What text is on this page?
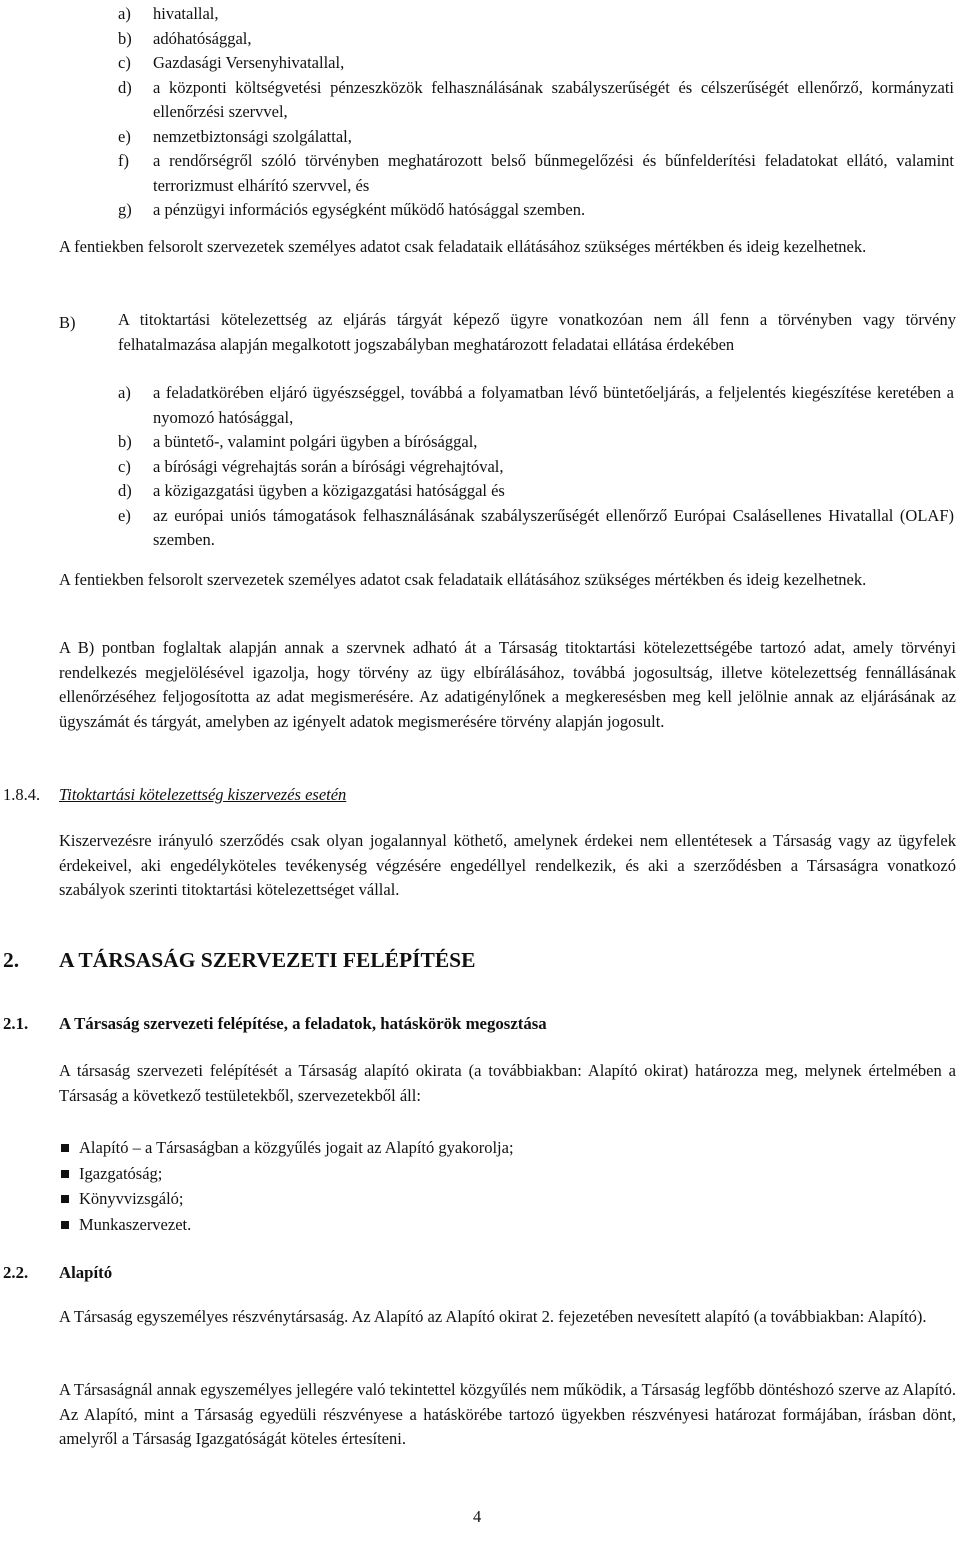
a) hivatallal,
b) adóhatósággal,
c) Gazdasági Versenyhivatallal,
d) a központi költségvetési pénzeszközök felhasználásának szabályszerűségét és célszerűségét ellenőrző, kormányzati ellenőrzési szervvel,
e) nemzetbiztonsági szolgálattal,
f) a rendőrségről szóló törvényben meghatározott belső bűnmegelőzési és bűnfelderítési feladatokat ellátó, valamint terrorizmust elhárító szervvel, és
g) a pénzügyi információs egységként működő hatósággal szemben.

A fentiekben felsorolt szervezetek személyes adatot csak feladataik ellátásához szükséges mértékben és ideig kezelhetnek.

B)	A titoktartási kötelezettség az eljárás tárgyát képező ügyre vonatkozóan nem áll fenn a törvényben vagy törvény felhatalmazása alapján megalkotott jogszabályban meghatározott feladatai ellátása érdekében

a) a feladatkörében eljáró ügyészséggel, továbbá a folyamatban lévő büntetőeljárás, a feljelentés kiegészítése keretében a nyomozó hatósággal,
b) a büntető-, valamint polgári ügyben a bírósággal,
c) a bírósági végrehajtás során a bírósági végrehajtóval,
d) a közigazgatási ügyben a közigazgatási hatósággal és
e) az európai uniós támogatások felhasználásának szabályszerűségét ellenőrző Európai Csalásellenes Hivatallal (OLAF) szemben.

A fentiekben felsorolt szervezetek személyes adatot csak feladataik ellátásához szükséges mértékben és ideig kezelhetnek.

A B) pontban foglaltak alapján annak a szervnek adható át a Társaság titoktartási kötelezettségébe tartozó adat, amely törvényi rendelkezés megjelölésével igazolja, hogy törvény az ügy elbírálásához, továbbá jogosultság, illetve kötelezettség fennállásának ellenőrzéséhez feljogosította az adat megismerésére. Az adatigénylőnek a megkeresésben meg kell jelölnie annak az eljárásának az ügyszámát és tárgyát, amelyben az igényelt adatok megismerésére törvény alapján jogosult.

1.8.4. Titoktartási kötelezettség kiszervezés esetén

Kiszervezésre irányuló szerződés csak olyan jogalannyal köthető, amelynek érdekei nem ellentétesek a Társaság vagy az ügyfelek érdekeivel, aki engedélyköteles tevékenység végzésére engedéllyel rendelkezik, és aki a szerződésben a Társaságra vonatkozó szabályok szerinti titoktartási kötelezettséget vállal.

2. A TÁRSASÁG SZERVEZETI FELÉPÍTÉSE
2.1. A Társaság szervezeti felépítése, a feladatok, hatáskörök megosztása

A társaság szervezeti felépítését a Társaság alapító okirata (a továbbiakban: Alapító okirat) határozza meg, melynek értelmében a Társaság a következő testületekből, szervezetekből áll:

Alapító – a Társaságban a közgyűlés jogait az Alapító gyakorolja;
Igazgatóság;
Könyvvizsgáló;
Munkaszervezet.
2.2. Alapító

A Társaság egyszemélyes részvénytársaság. Az Alapító az Alapító okirat 2. fejezetében nevesített alapító (a továbbiakban: Alapító).

A Társaságnál annak egyszemélyes jellegére való tekintettel közgyűlés nem működik, a Társaság legfőbb döntéshozó szerve az Alapító. Az Alapító, mint a Társaság egyedüli részvényese a hatáskörébe tartozó ügyekben részvényesi határozat formájában, írásban dönt, amelyről a Társaság Igazgatóságát köteles értesíteni.

4
